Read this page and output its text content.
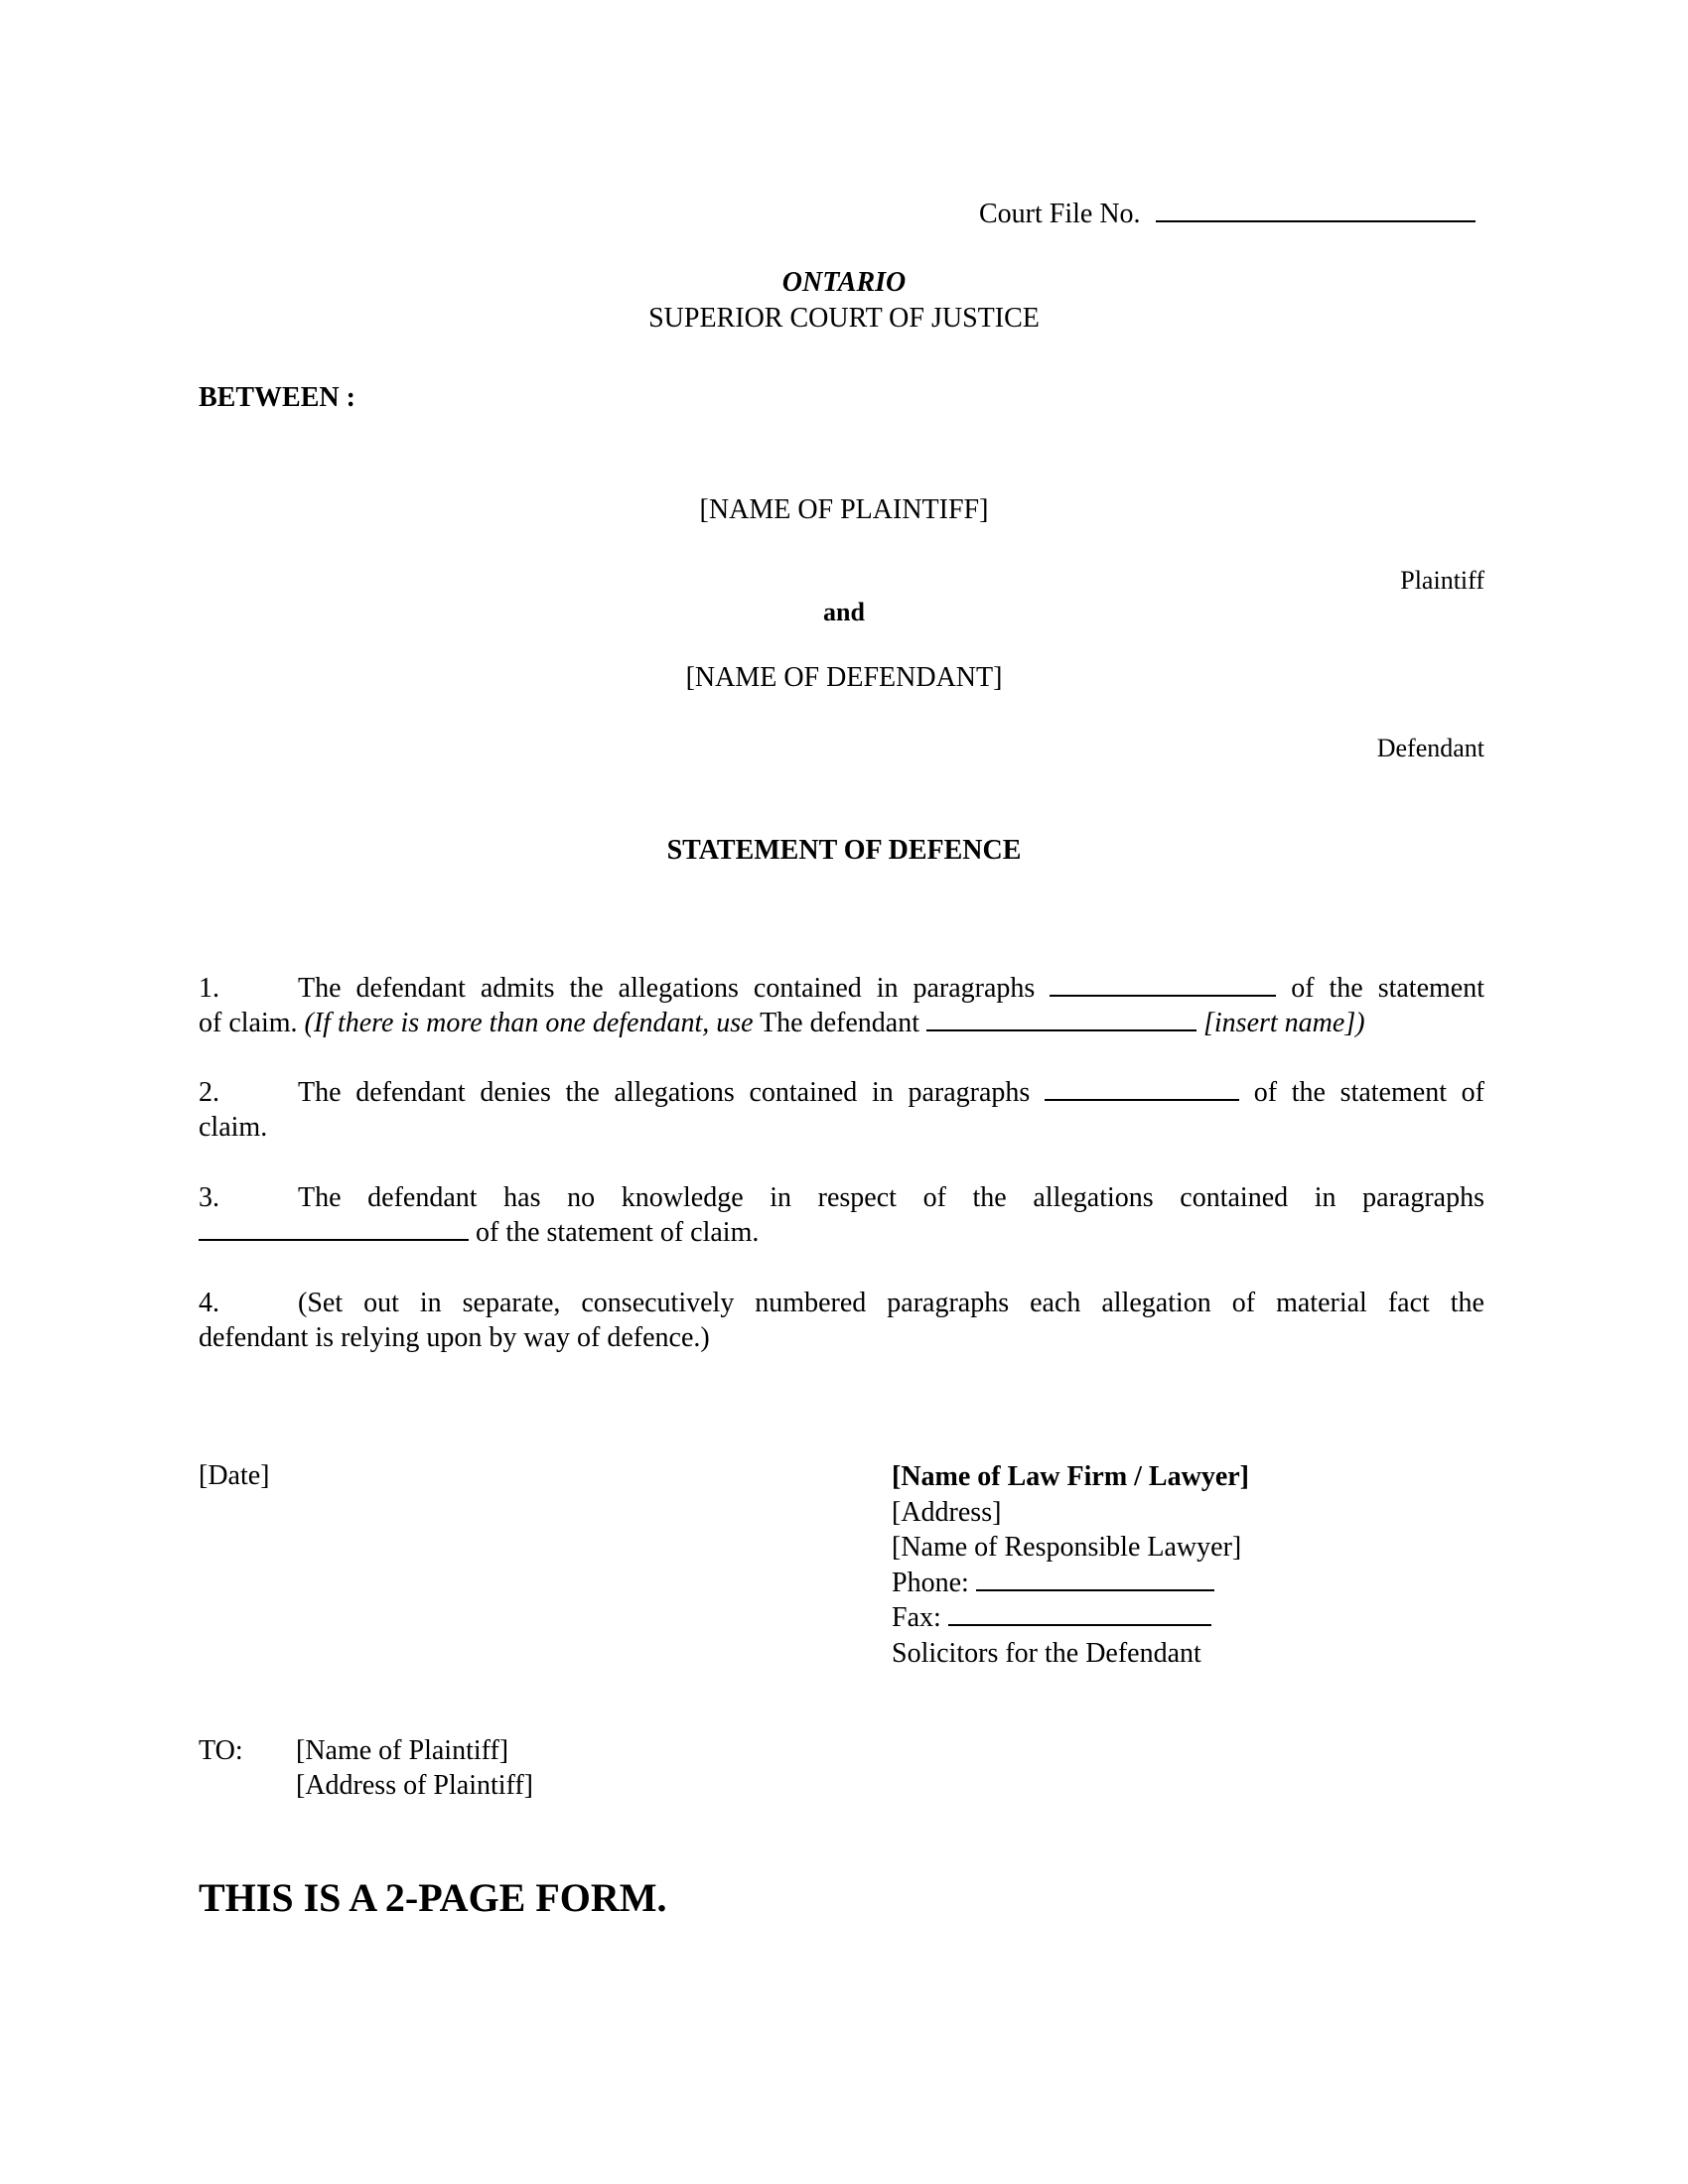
Court File No.
ONTARIO
SUPERIOR COURT OF JUSTICE
BETWEEN :
[NAME OF PLAINTIFF]
Plaintiff
and
[NAME OF DEFENDANT]
Defendant
STATEMENT OF DEFENCE
1.	The defendant admits the allegations contained in paragraphs	of the statement
of claim. (If there is more than one defendant, use The defendant	[insert name])
2.	The defendant denies the allegations contained in paragraphs	of the statement of
claim.
3.	The defendant has no knowledge in respect of the allegations contained in paragraphs
of the statement of claim.
4.	(Set out in separate, consecutively numbered paragraphs each allegation of material fact the
defendant is relying upon by way of defence.)
[Date]	[Name of Law Firm / Lawyer]
[Address]
[Name of Responsible Lawyer]
Phone:
Fax:
Solicitors for the Defendant
TO: [Name of Plaintiff]
[Address of Plaintiff]
THIS IS A 2-PAGE FORM.
